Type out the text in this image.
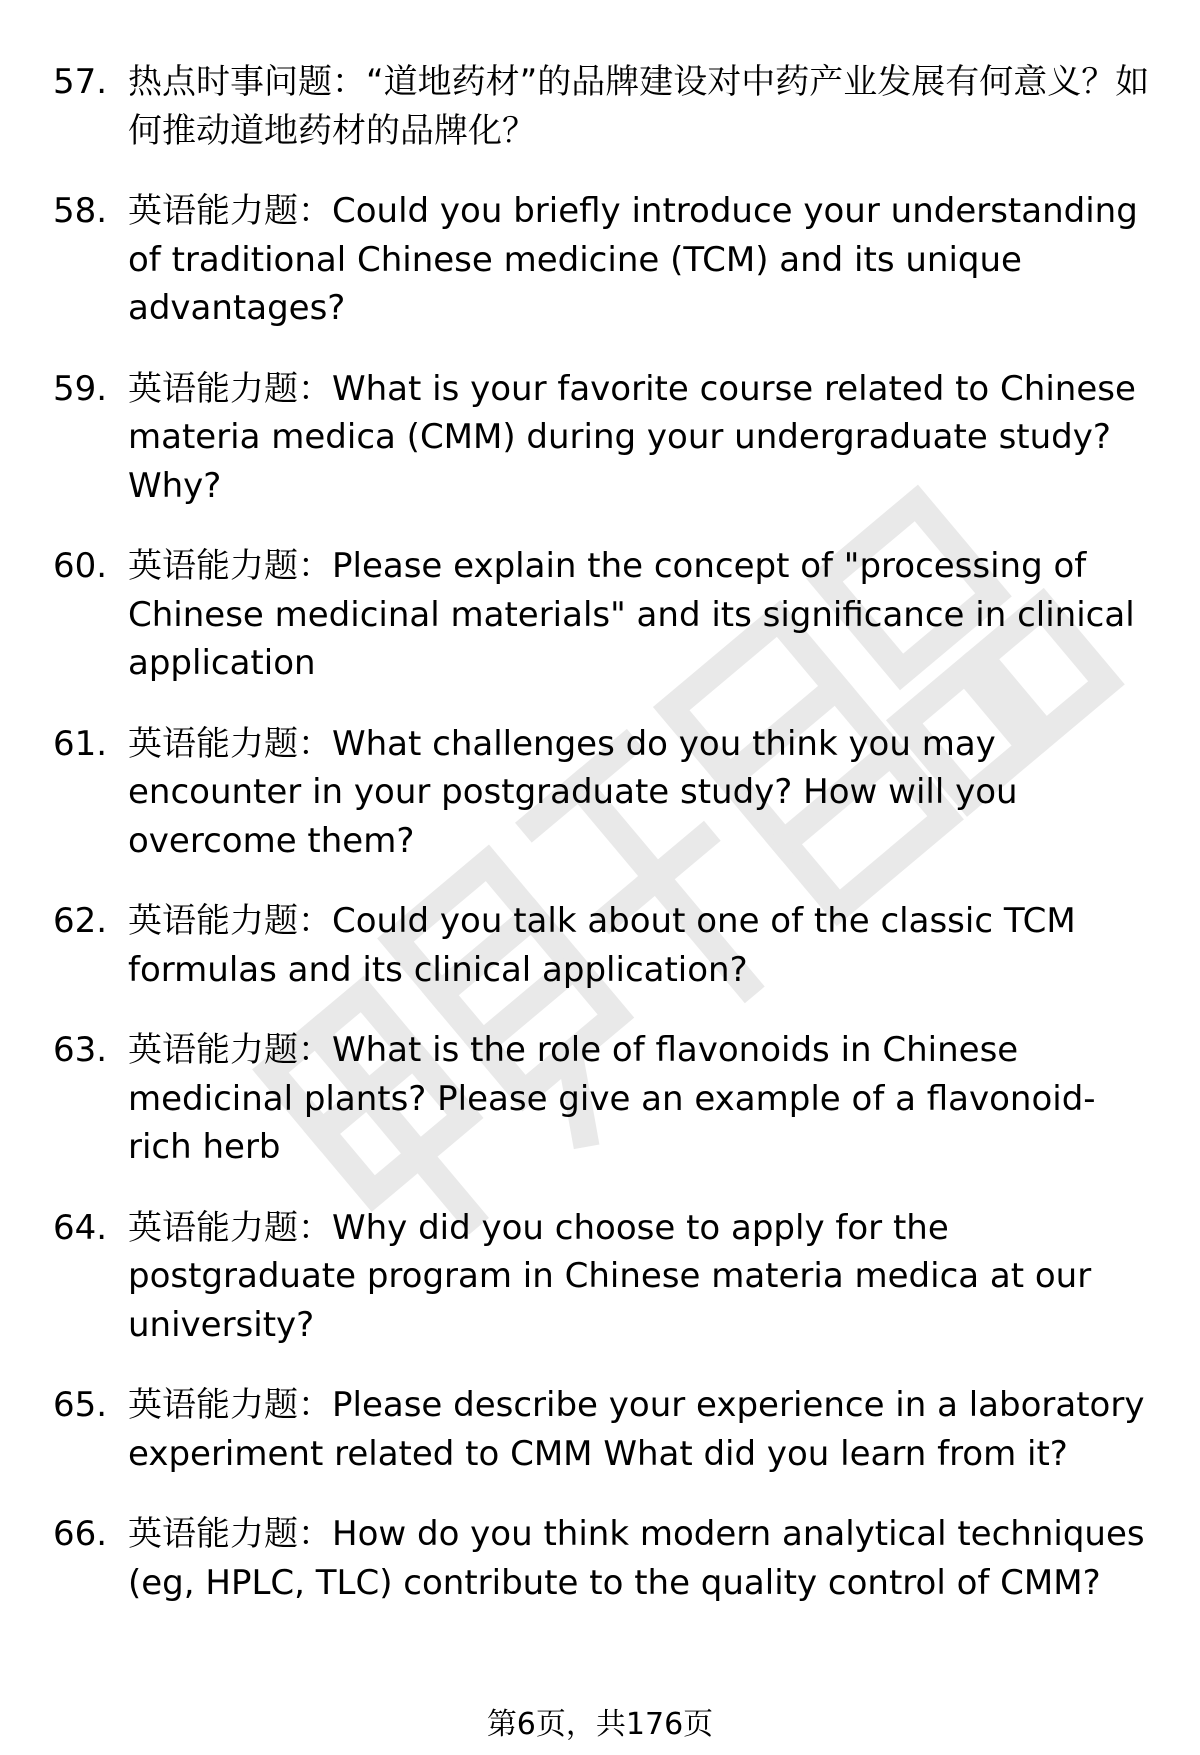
57. 热点时事问题：“道地药材”的品牌建设对中药产业发展有何意义？如何推动道地药材的品牌化？
58. 英语能力题：Could you briefly introduce your understanding of traditional Chinese medicine (TCM) and its unique advantages?
59. 英语能力题：What is your favorite course related to Chinese materia medica (CMM) during your undergraduate study? Why?
60. 英语能力题：Please explain the concept of "processing of Chinese medicinal materials" and its significance in clinical application
61. 英语能力题：What challenges do you think you may encounter in your postgraduate study? How will you overcome them?
62. 英语能力题：Could you talk about one of the classic TCM formulas and its clinical application?
63. 英语能力题：What is the role of flavonoids in Chinese medicinal plants? Please give an example of a flavonoid-rich herb
64. 英语能力题：Why did you choose to apply for the postgraduate program in Chinese materia medica at our university?
65. 英语能力题：Please describe your experience in a laboratory experiment related to CMM What did you learn from it?
66. 英语能力题：How do you think modern analytical techniques (eg, HPLC, TLC) contribute to the quality control of CMM?
第6页，共176页
